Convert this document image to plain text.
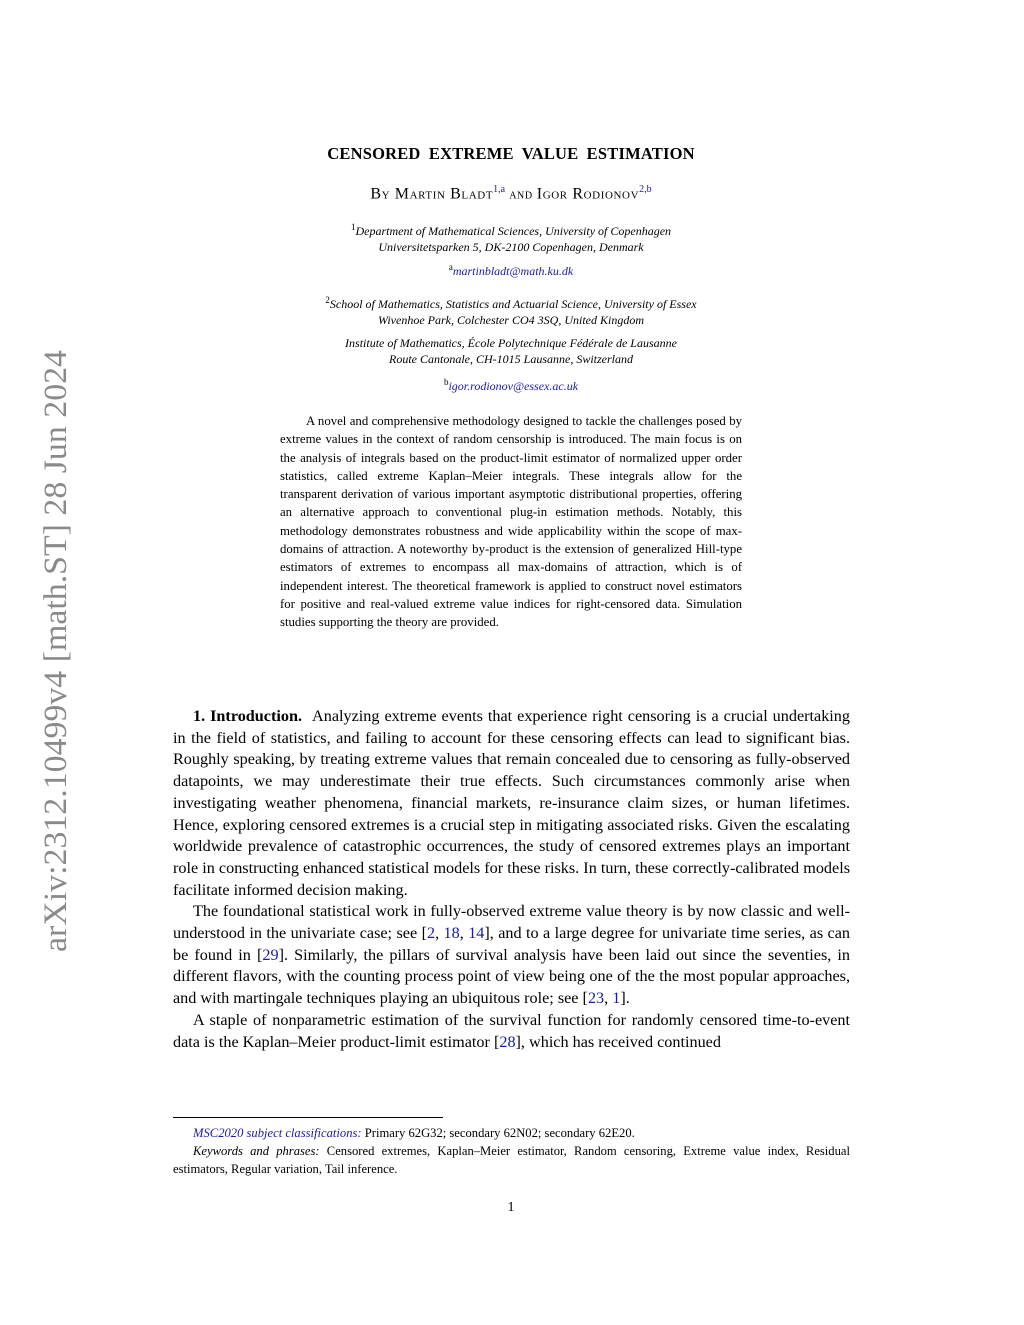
arXiv:2312.10499v4 [math.ST] 28 Jun 2024
CENSORED EXTREME VALUE ESTIMATION
By Martin Bladt$^{1,a}$ and Igor Rodionov$^{2,b}$
$^1$Department of Mathematical Sciences, University of Copenhagen
Universitetsparken 5, DK-2100 Copenhagen, Denmark
$^a$martinbladt@math.ku.dk
$^2$School of Mathematics, Statistics and Actuarial Science, University of Essex
Wivenhoe Park, Colchester CO4 3SQ, United Kingdom
Institute of Mathematics, École Polytechnique Fédérale de Lausanne
Route Cantonale, CH-1015 Lausanne, Switzerland
$^b$igor.rodionov@essex.ac.uk
A novel and comprehensive methodology designed to tackle the challenges posed by extreme values in the context of random censorship is introduced. The main focus is on the analysis of integrals based on the product-limit estimator of normalized upper order statistics, called extreme Kaplan–Meier integrals. These integrals allow for the transparent derivation of various important asymptotic distributional properties, offering an alternative approach to conventional plug-in estimation methods. Notably, this methodology demonstrates robustness and wide applicability within the scope of max-domains of attraction. A noteworthy by-product is the extension of generalized Hill-type estimators of extremes to encompass all max-domains of attraction, which is of independent interest. The theoretical framework is applied to construct novel estimators for positive and real-valued extreme value indices for right-censored data. Simulation studies supporting the theory are provided.

1. Introduction. Analyzing extreme events that experience right censoring is a crucial undertaking in the field of statistics, and failing to account for these censoring effects can lead to significant bias. Roughly speaking, by treating extreme values that remain concealed due to censoring as fully-observed datapoints, we may underestimate their true effects. Such circumstances commonly arise when investigating weather phenomena, financial markets, re-insurance claim sizes, or human lifetimes. Hence, exploring censored extremes is a crucial step in mitigating associated risks. Given the escalating worldwide prevalence of catastrophic occurrences, the study of censored extremes plays an important role in constructing enhanced statistical models for these risks. In turn, these correctly-calibrated models facilitate informed decision making.

The foundational statistical work in fully-observed extreme value theory is by now classic and well-understood in the univariate case; see [2, 18, 14], and to a large degree for univariate time series, as can be found in [29]. Similarly, the pillars of survival analysis have been laid out since the seventies, in different flavors, with the counting process point of view being one of the the most popular approaches, and with martingale techniques playing an ubiquitous role; see [23, 1].

A staple of nonparametric estimation of the survival function for randomly censored time-to-event data is the Kaplan–Meier product-limit estimator [28], which has received continued

MSC2020 subject classifications: Primary 62G32; secondary 62N02; secondary 62E20.

Keywords and phrases: Censored extremes, Kaplan–Meier estimator, Random censoring, Extreme value index, Residual estimators, Regular variation, Tail inference.

1
